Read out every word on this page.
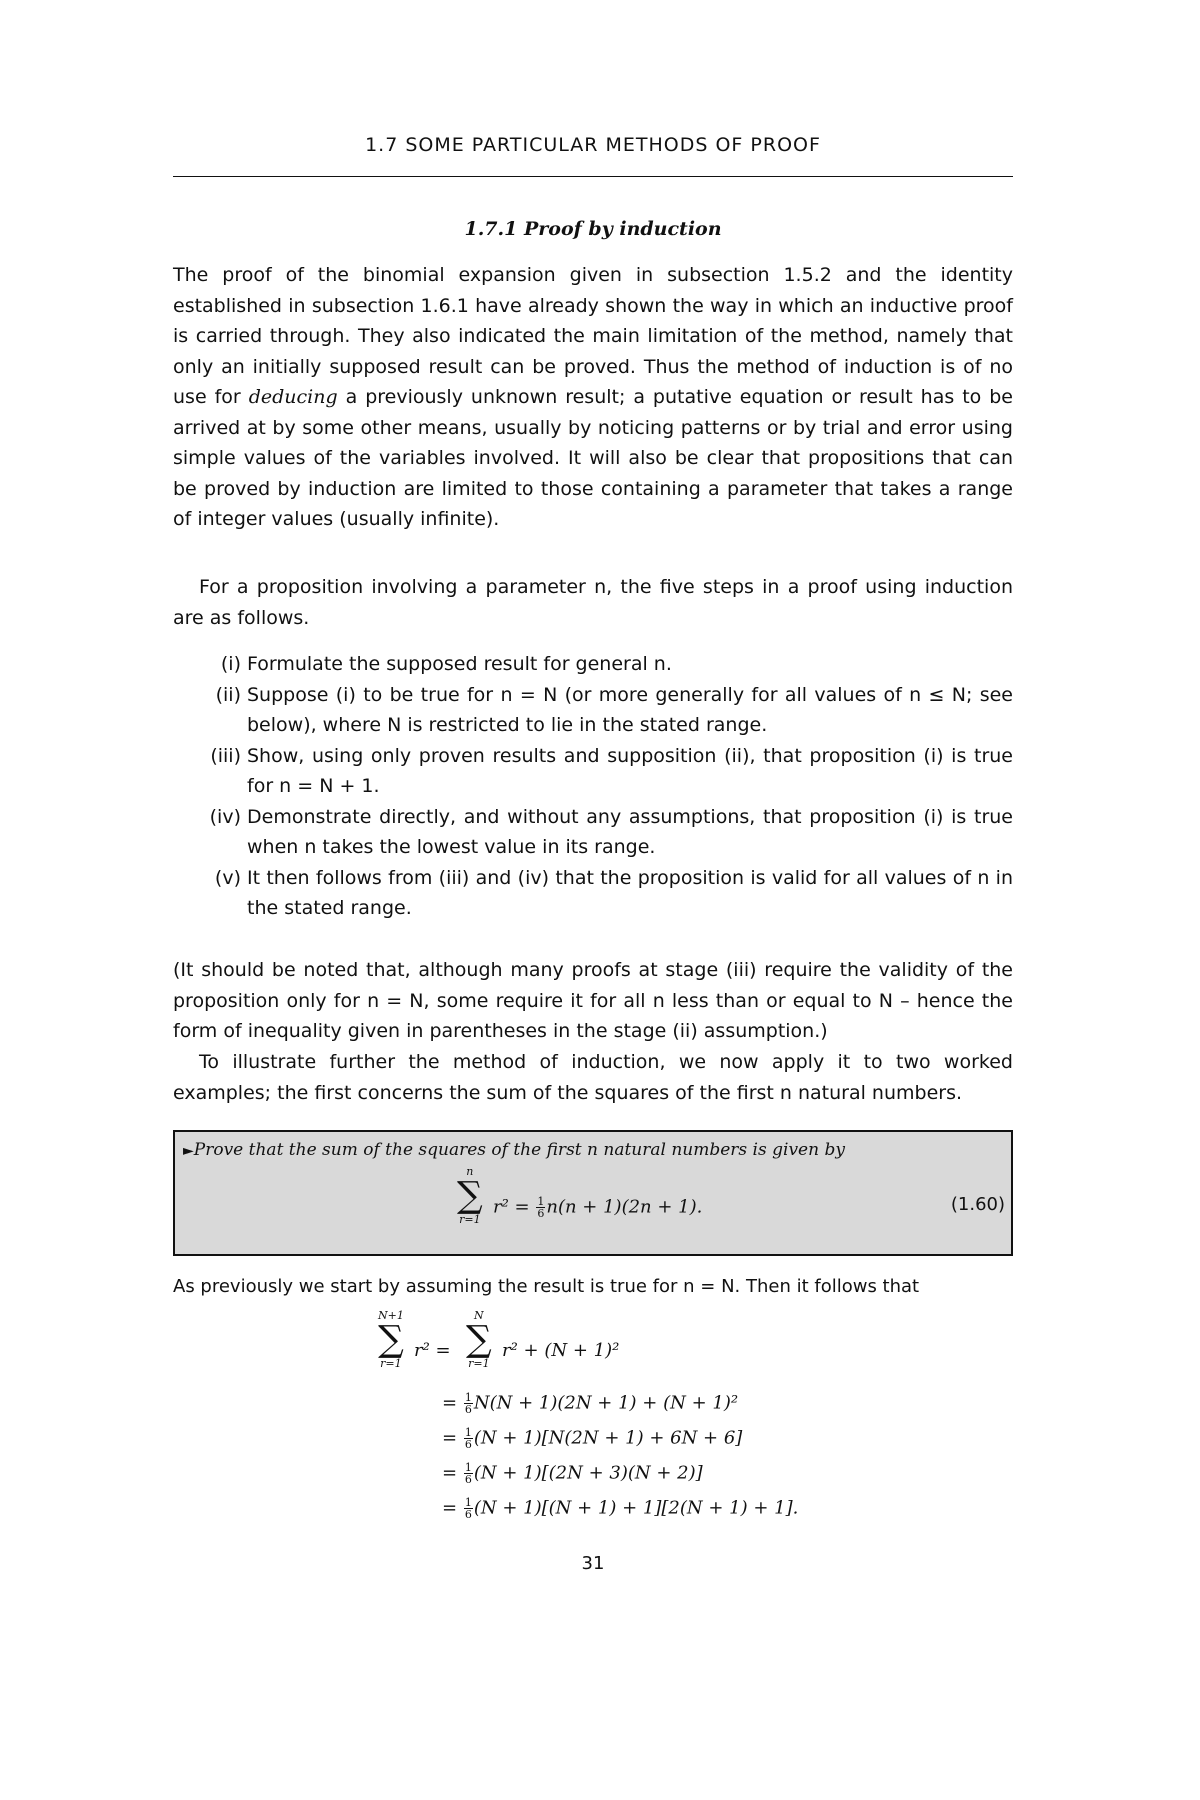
1.7 SOME PARTICULAR METHODS OF PROOF
1.7.1 Proof by induction

The proof of the binomial expansion given in subsection 1.5.2 and the identity established in subsection 1.6.1 have already shown the way in which an inductive proof is carried through. They also indicated the main limitation of the method, namely that only an initially supposed result can be proved. Thus the method of induction is of no use for deducing a previously unknown result; a putative equation or result has to be arrived at by some other means, usually by noticing patterns or by trial and error using simple values of the variables involved. It will also be clear that propositions that can be proved by induction are limited to those containing a parameter that takes a range of integer values (usually infinite).

For a proposition involving a parameter n, the five steps in a proof using induction are as follows.

(i) Formulate the supposed result for general n.
(ii) Suppose (i) to be true for n = N (or more generally for all values of n ≤ N; see below), where N is restricted to lie in the stated range.
(iii) Show, using only proven results and supposition (ii), that proposition (i) is true for n = N + 1.
(iv) Demonstrate directly, and without any assumptions, that proposition (i) is true when n takes the lowest value in its range.
(v) It then follows from (iii) and (iv) that the proposition is valid for all values of n in the stated range.

(It should be noted that, although many proofs at stage (iii) require the validity of the proposition only for n = N, some require it for all n less than or equal to N – hence the form of inequality given in parentheses in the stage (ii) assumption.)

To illustrate further the method of induction, we now apply it to two worked examples; the first concerns the sum of the squares of the first n natural numbers.

►Prove that the sum of the squares of the first n natural numbers is given by
n
∑
r=1
$r^2 = \frac{1}{6} n(n + 1)(2n + 1)$.	(1.60)

As previously we start by assuming the result is true for n = N. Then it follows that

N+1
∑
r=1
r² =
N
∑
r=1
r² + (N + 1)²
= $\frac{1}{6} N(N + 1)(2N + 1) + (N + 1)^2$
= $\frac{1}{6} (N + 1)[N(2N + 1) + 6N + 6]$
= $\frac{1}{6} (N + 1)[(2N + 3)(N + 2)]$
= $\frac{1}{6} (N + 1)[(N + 1) + 1][2(N + 1) + 1]$.
31
